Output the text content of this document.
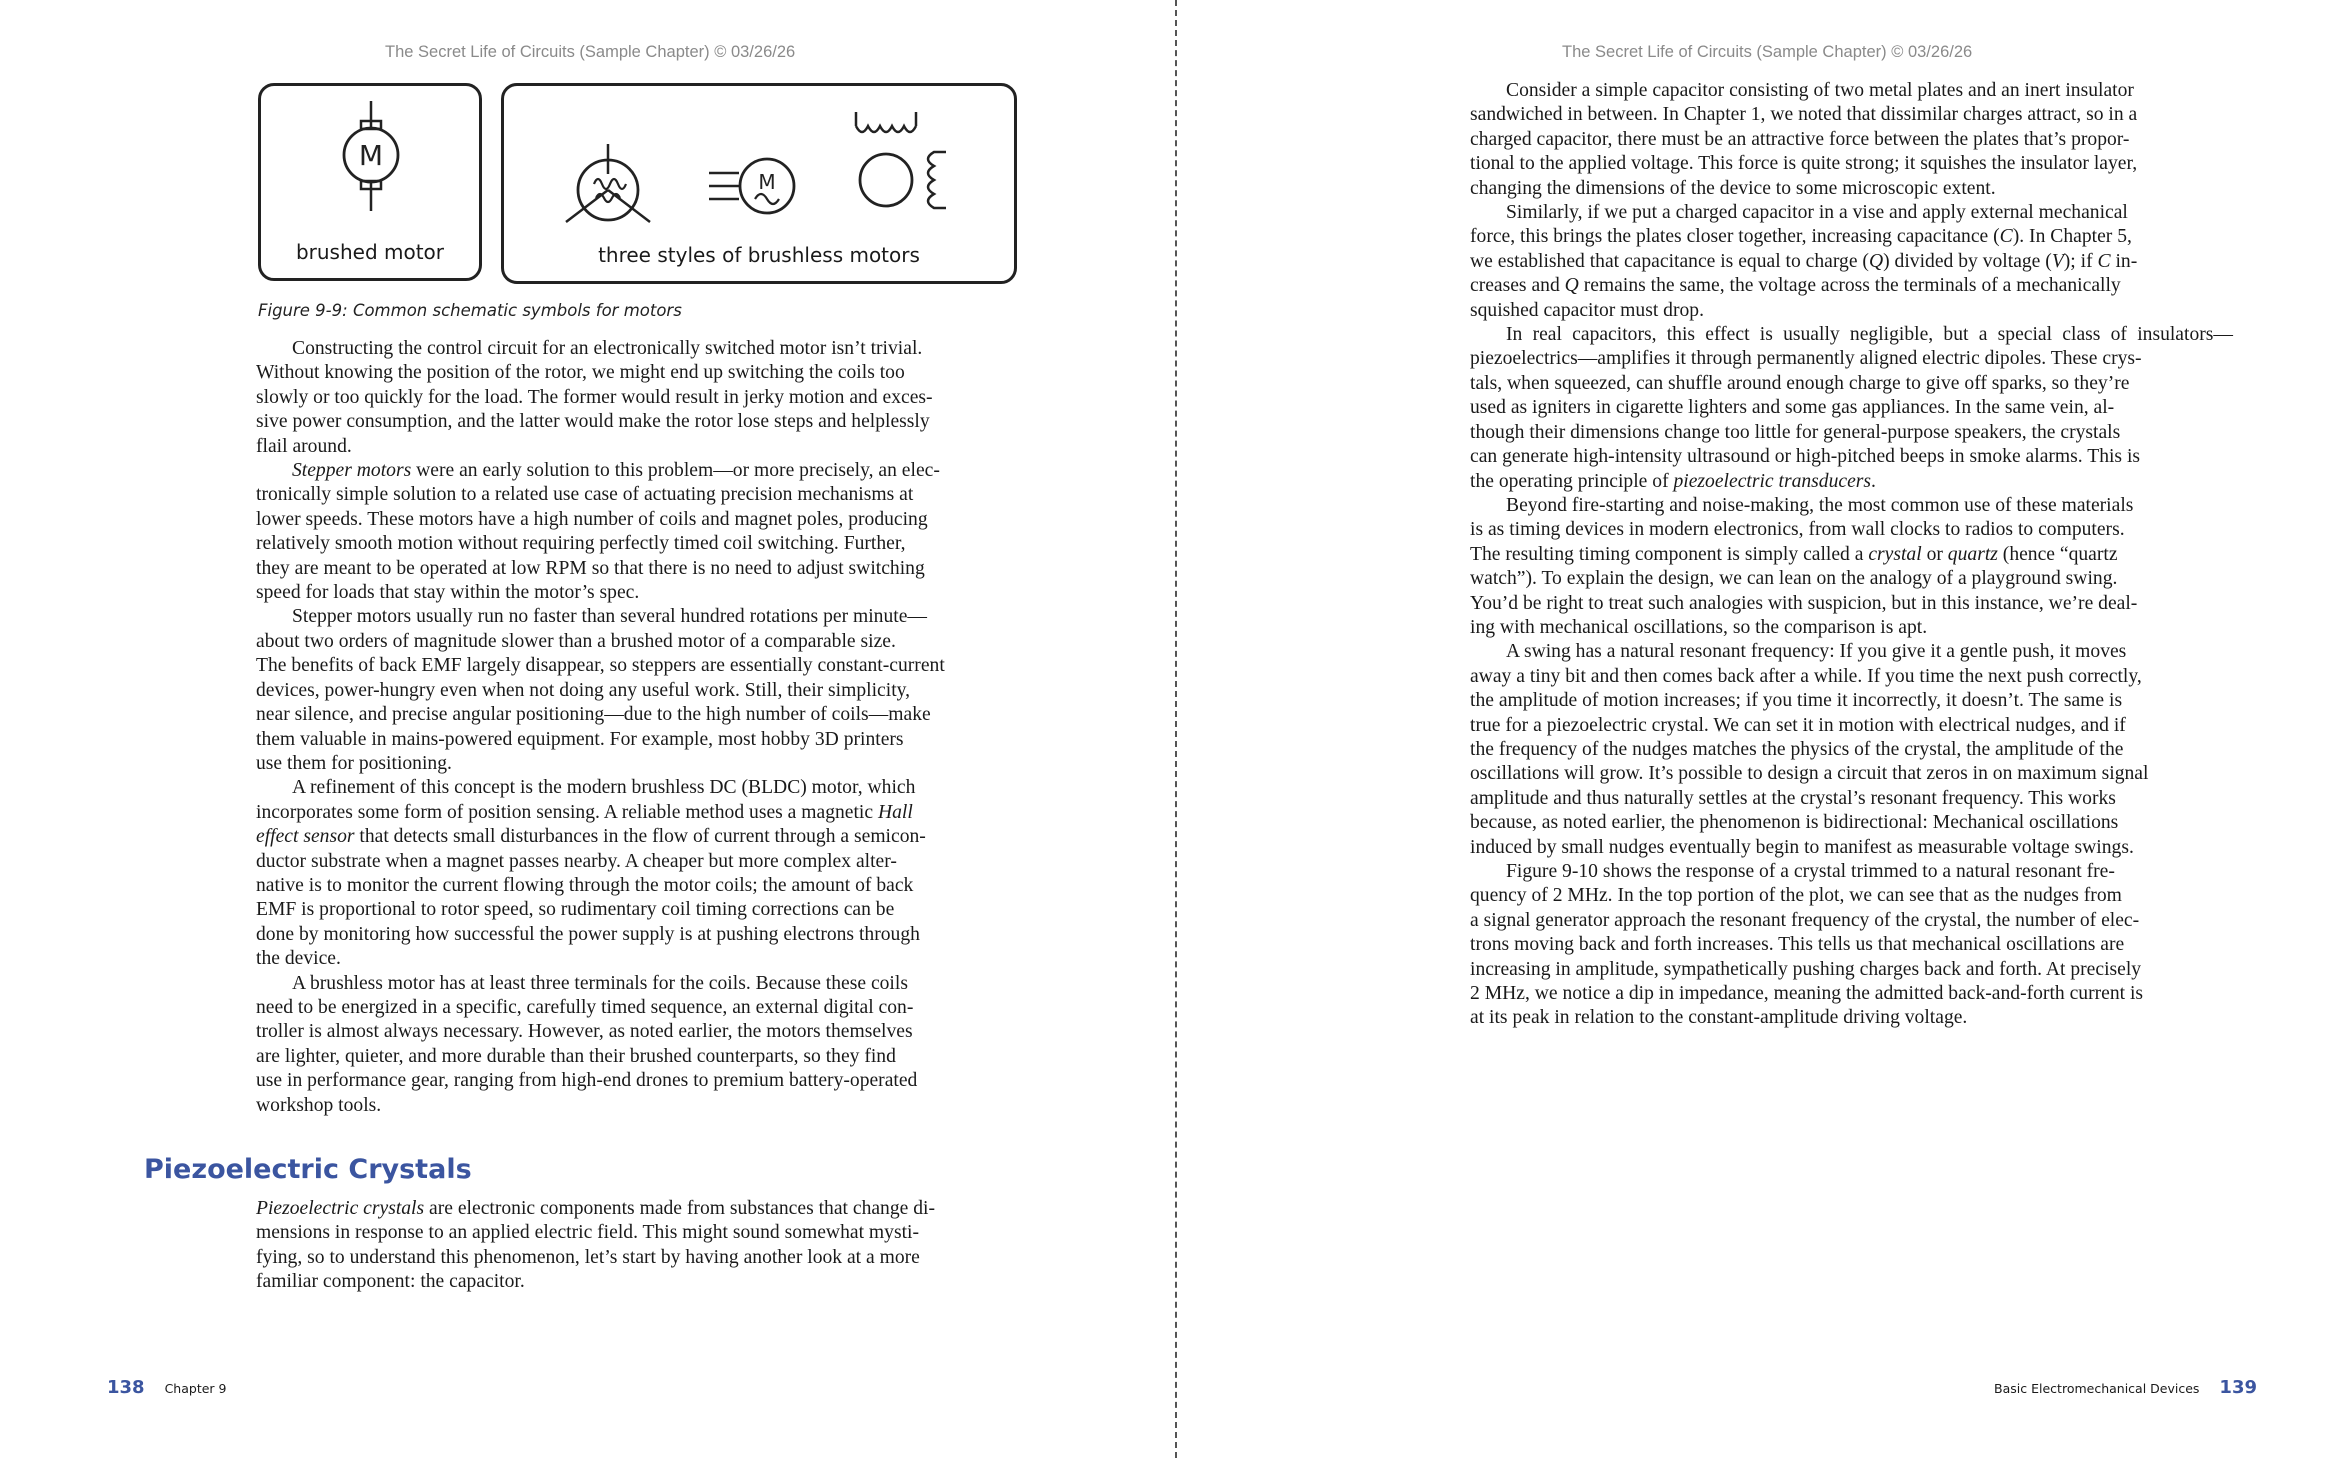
The Secret Life of Circuits (Sample Chapter) © 03/26/26
M
brushed motor
M
three styles of brushless motors
Figure 9-9: Common schematic symbols for motors

Constructing the control circuit for an electronically switched motor isn’t trivial.
Without knowing the position of the rotor, we might end up switching the coils too
slowly or too quickly for the load. The former would result in jerky motion and exces-
sive power consumption, and the latter would make the rotor lose steps and helplessly
flail around.

Stepper motors were an early solution to this problem—or more precisely, an elec-
tronically simple solution to a related use case of actuating precision mechanisms at
lower speeds. These motors have a high number of coils and magnet poles, producing
relatively smooth motion without requiring perfectly timed coil switching. Further,
they are meant to be operated at low RPM so that there is no need to adjust switching
speed for loads that stay within the motor’s spec.

Stepper motors usually run no faster than several hundred rotations per minute—
about two orders of magnitude slower than a brushed motor of a comparable size.
The benefits of back EMF largely disappear, so steppers are essentially constant-current
devices, power-hungry even when not doing any useful work. Still, their simplicity,
near silence, and precise angular positioning—due to the high number of coils—make
them valuable in mains-powered equipment. For example, most hobby 3D printers
use them for positioning.

A refinement of this concept is the modern brushless DC (BLDC) motor, which
incorporates some form of position sensing. A reliable method uses a magnetic Hall
effect sensor that detects small disturbances in the flow of current through a semicon-
ductor substrate when a magnet passes nearby. A cheaper but more complex alter-
native is to monitor the current flowing through the motor coils; the amount of back
EMF is proportional to rotor speed, so rudimentary coil timing corrections can be
done by monitoring how successful the power supply is at pushing electrons through
the device.

A brushless motor has at least three terminals for the coils. Because these coils
need to be energized in a specific, carefully timed sequence, an external digital con-
troller is almost always necessary. However, as noted earlier, the motors themselves
are lighter, quieter, and more durable than their brushed counterparts, so they find
use in performance gear, ranging from high-end drones to premium battery-operated
workshop tools.

Piezoelectric Crystals

Piezoelectric crystals are electronic components made from substances that change di-
mensions in response to an applied electric field. This might sound somewhat mysti-
fying, so to understand this phenomenon, let’s start by having another look at a more
familiar component: the capacitor.

138 Chapter 9
The Secret Life of Circuits (Sample Chapter) © 03/26/26

Consider a simple capacitor consisting of two metal plates and an inert insulator
sandwiched in between. In Chapter 1, we noted that dissimilar charges attract, so in a
charged capacitor, there must be an attractive force between the plates that’s propor-
tional to the applied voltage. This force is quite strong; it squishes the insulator layer,
changing the dimensions of the device to some microscopic extent.

Similarly, if we put a charged capacitor in a vise and apply external mechanical
force, this brings the plates closer together, increasing capacitance (C). In Chapter 5,
we established that capacitance is equal to charge (Q) divided by voltage (V); if C in-
creases and Q remains the same, the voltage across the terminals of a mechanically
squished capacitor must drop.

In real capacitors, this effect is usually negligible, but a special class of insulators—
piezoelectrics—amplifies it through permanently aligned electric dipoles. These crys-
tals, when squeezed, can shuffle around enough charge to give off sparks, so they’re
used as igniters in cigarette lighters and some gas appliances. In the same vein, al-
though their dimensions change too little for general-purpose speakers, the crystals
can generate high-intensity ultrasound or high-pitched beeps in smoke alarms. This is
the operating principle of piezoelectric transducers.

Beyond fire-starting and noise-making, the most common use of these materials
is as timing devices in modern electronics, from wall clocks to radios to computers.
The resulting timing component is simply called a crystal or quartz (hence “quartz
watch”). To explain the design, we can lean on the analogy of a playground swing.
You’d be right to treat such analogies with suspicion, but in this instance, we’re deal-
ing with mechanical oscillations, so the comparison is apt.

A swing has a natural resonant frequency: If you give it a gentle push, it moves
away a tiny bit and then comes back after a while. If you time the next push correctly,
the amplitude of motion increases; if you time it incorrectly, it doesn’t. The same is
true for a piezoelectric crystal. We can set it in motion with electrical nudges, and if
the frequency of the nudges matches the physics of the crystal, the amplitude of the
oscillations will grow. It’s possible to design a circuit that zeros in on maximum signal
amplitude and thus naturally settles at the crystal’s resonant frequency. This works
because, as noted earlier, the phenomenon is bidirectional: Mechanical oscillations
induced by small nudges eventually begin to manifest as measurable voltage swings.

Figure 9-10 shows the response of a crystal trimmed to a natural resonant fre-
quency of 2 MHz. In the top portion of the plot, we can see that as the nudges from
a signal generator approach the resonant frequency of the crystal, the number of elec-
trons moving back and forth increases. This tells us that mechanical oscillations are
increasing in amplitude, sympathetically pushing charges back and forth. At precisely
2 MHz, we notice a dip in impedance, meaning the admitted back-and-forth current is
at its peak in relation to the constant-amplitude driving voltage.

Basic Electromechanical Devices 139
